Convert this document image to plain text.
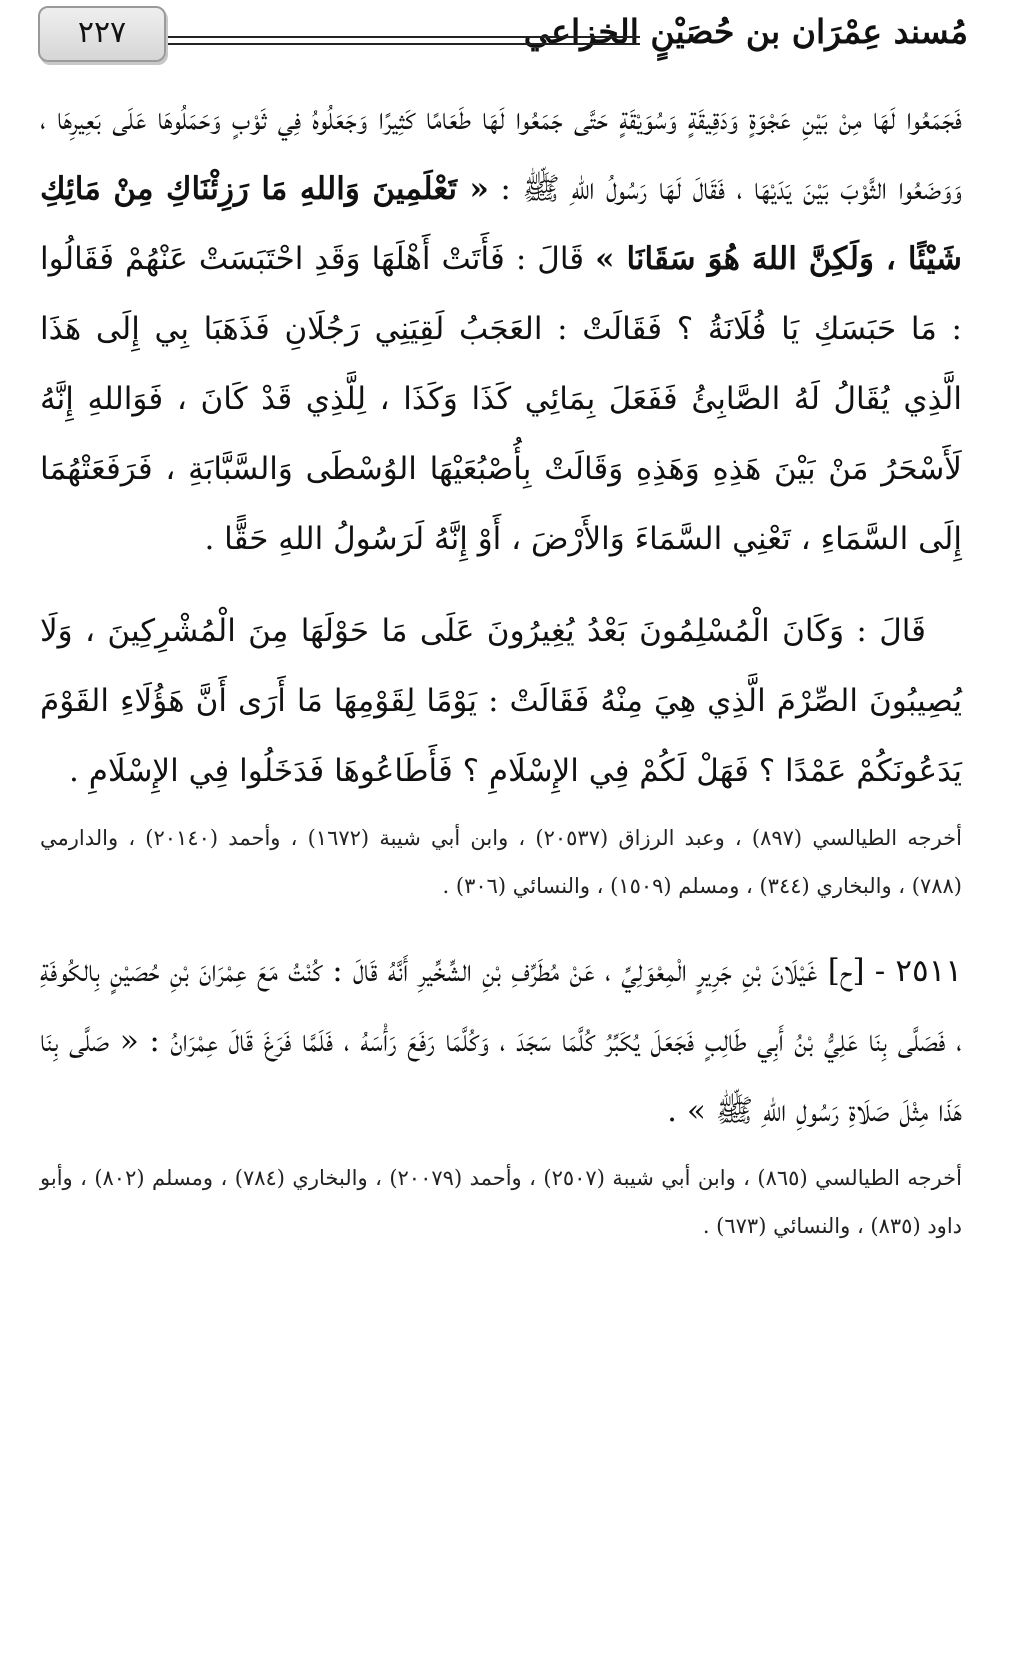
مُسند عِمْرَان بن حُصَيْنٍ الخزاعي
٢٢٧

فَجَمَعُوا لَهَا مِنْ بَيْنِ عَجْوَةٍ وَدَقِيقَةٍ وَسُوَيْقَةٍ حَتَّى جَمَعُوا لَهَا طَعَامًا كَثِيرًا وَجَعَلُوهُ فِي ثَوْبٍ وَحَمَلُوهَا عَلَى بَعِيرِهَا ، وَوَضَعُوا الثَّوْبَ بَيْنَ يَدَيْهَا ، فَقَالَ لَهَا رَسُولُ اللهِ ﷺ : « تَعْلَمِينَ وَاللهِ مَا رَزِئْنَاكِ مِنْ مَائِكِ شَيْئًا ، وَلَكِنَّ اللهَ هُوَ سَقَانَا » قَالَ : فَأَتَتْ أَهْلَهَا وَقَدِ احْتَبَسَتْ عَنْهُمْ فَقَالُوا : مَا حَبَسَكِ يَا فُلَانَةُ ؟ فَقَالَتْ : العَجَبُ لَقِيَنِي رَجُلَانِ فَذَهَبَا بِي إِلَى هَذَا الَّذِي يُقَالُ لَهُ الصَّابِئُ فَفَعَلَ بِمَائِي كَذَا وَكَذَا ، لِلَّذِي قَدْ كَانَ ، فَوَاللهِ إِنَّهُ لَأَسْحَرُ مَنْ بَيْنَ هَذِهِ وَهَذِهِ وَقَالَتْ بِأُصْبُعَيْهَا الوُسْطَى وَالسَّبَّابَةِ ، فَرَفَعَتْهُمَا إِلَى السَّمَاءِ ، تَعْنِي السَّمَاءَ وَالأَرْضَ ، أَوْ إِنَّهُ لَرَسُولُ اللهِ حَقًّا .

قَالَ : وَكَانَ الْمُسْلِمُونَ بَعْدُ يُغِيرُونَ عَلَى مَا حَوْلَهَا مِنَ الْمُشْرِكِينَ ، وَلَا يُصِيبُونَ الصِّرْمَ الَّذِي هِيَ مِنْهُ فَقَالَتْ : يَوْمًا لِقَوْمِهَا مَا أَرَى أَنَّ هَؤُلَاءِ القَوْمَ يَدَعُونَكُمْ عَمْدًا ؟ فَهَلْ لَكُمْ فِي الإِسْلَامِ ؟ فَأَطَاعُوهَا فَدَخَلُوا فِي الإِسْلَامِ .

أخرجه الطيالسي (٨٩٧) ، وعبد الرزاق (٢٠٥٣٧) ، وابن أبي شيبة (١٦٧٢) ، وأحمد (٢٠١٤٠) ، والدارمي (٧٨٨) ، والبخاري (٣٤٤) ، ومسلم (١٥٠٩) ، والنسائي (٣٠٦) .

٢٥١١ - [ح] غَيْلَانَ بْنِ جَرِيرٍ الْمِعْوَلِيِّ ، عَنْ مُطَرِّفِ بْنِ الشِّخِّيرِ أَنَّهُ قَالَ : كُنْتُ مَعَ عِمْرَانَ بْنِ حُصَيْنٍ بِالكُوفَةِ ، فَصَلَّى بِنَا عَلِيُّ بْنُ أَبِي طَالِبٍ فَجَعَلَ يُكَبِّرُ كُلَّمَا سَجَدَ ، وَكُلَّمَا رَفَعَ رَأْسَهُ ، فَلَمَّا فَرَغَ قَالَ عِمْرَانُ : « صَلَّى بِنَا هَذَا مِثْلَ صَلَاةِ رَسُولِ اللهِ ﷺ » .

أخرجه الطيالسي (٨٦٥) ، وابن أبي شيبة (٢٥٠٧) ، وأحمد (٢٠٠٧٩) ، والبخاري (٧٨٤) ، ومسلم (٨٠٢) ، وأبو داود (٨٣٥) ، والنسائي (٦٧٣) .
